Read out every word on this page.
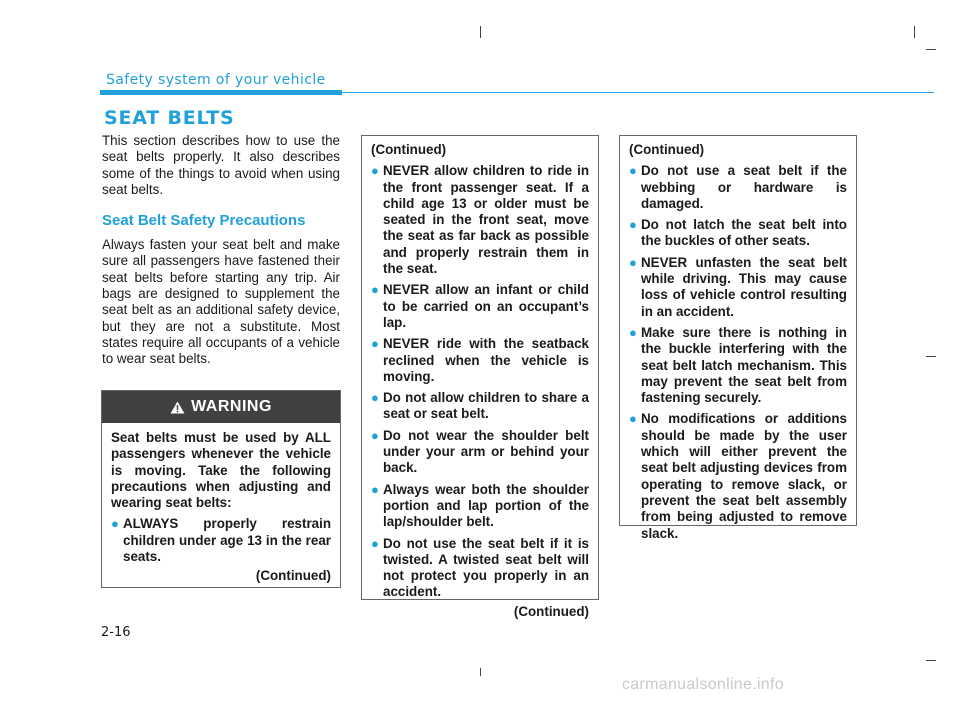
Safety system of your vehicle
SEAT BELTS

This section describes how to use the seat belts properly. It also describes some of the things to avoid when using seat belts.

Seat Belt Safety Precautions

Always fasten your seat belt and make sure all passengers have fastened their seat belts before starting any trip. Air bags are designed to supplement the seat belt as an additional safety device, but they are not a substitute. Most states require all occupants of a vehicle to wear seat belts.

WARNING

Seat belts must be used by ALL passengers whenever the vehicle is moving. Take the following precautions when adjusting and wearing seat belts:

● ALWAYS properly restrain children under age 13 in the rear seats.

(Continued)

(Continued)

● NEVER allow children to ride in the front passenger seat. If a child age 13 or older must be seated in the front seat, move the seat as far back as possible and properly restrain them in the seat.
● NEVER allow an infant or child to be carried on an occupant’s lap.
● NEVER ride with the seatback reclined when the vehicle is moving.
● Do not allow children to share a seat or seat belt.
● Do not wear the shoulder belt under your arm or behind your back.
● Always wear both the shoulder portion and lap portion of the lap/shoulder belt.
● Do not use the seat belt if it is twisted. A twisted seat belt will not protect you properly in an accident.

(Continued)

(Continued)

● Do not use a seat belt if the webbing or hardware is damaged.
● Do not latch the seat belt into the buckles of other seats.
● NEVER unfasten the seat belt while driving. This may cause loss of vehicle control resulting in an accident.
● Make sure there is nothing in the buckle interfering with the seat belt latch mechanism. This may prevent the seat belt from fastening securely.
● No modifications or additions should be made by the user which will either prevent the seat belt adjusting devices from operating to remove slack, or prevent the seat belt assembly from being adjusted to remove slack.
2-16
carmanualsonline.info
